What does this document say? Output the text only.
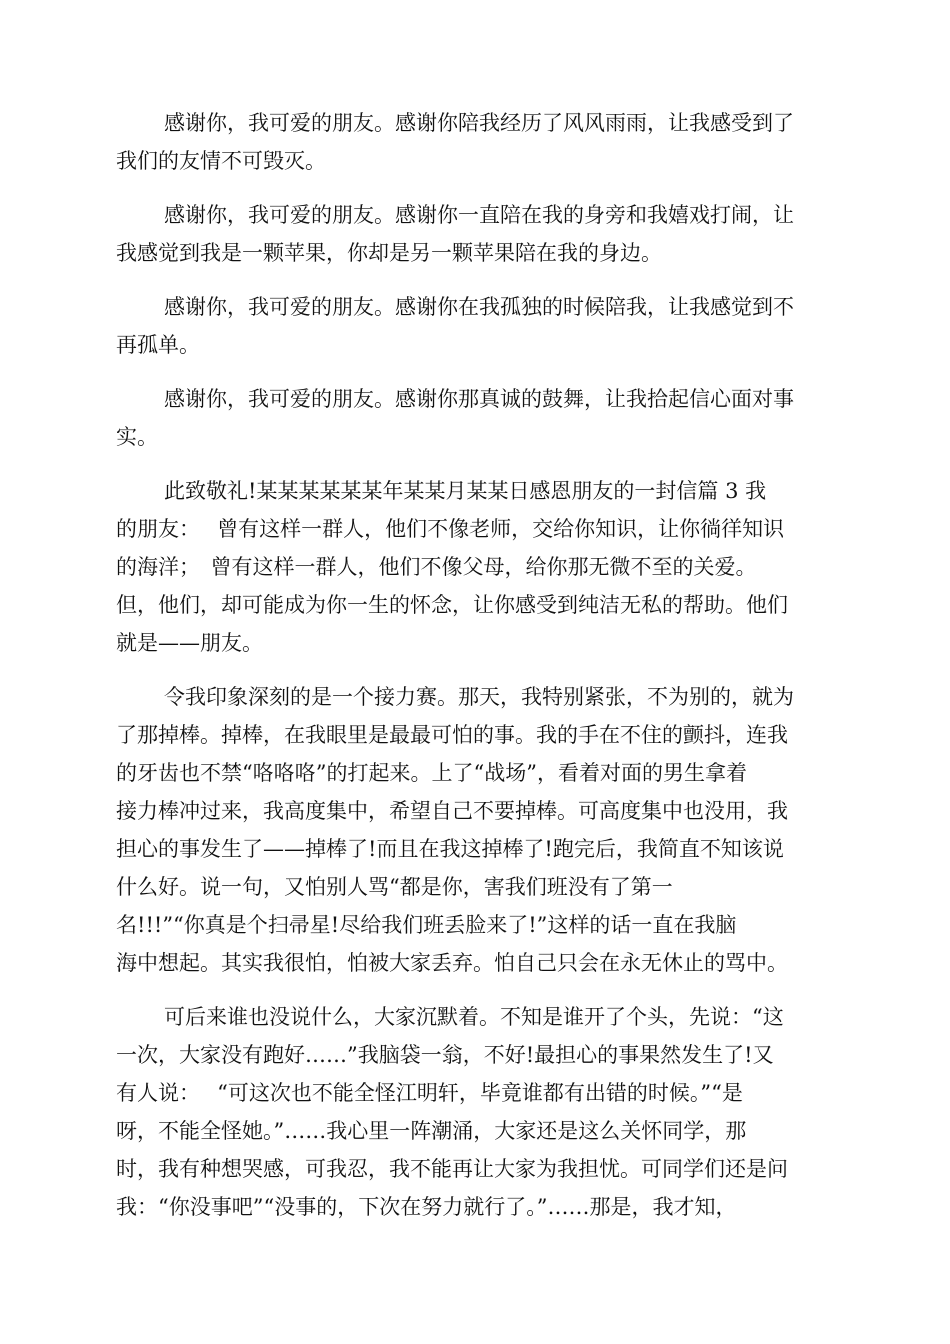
感谢你，我可爱的朋友。感谢你陪我经历了风风雨雨，让我感受到了
我们的友情不可毁灭。
感谢你，我可爱的朋友。感谢你一直陪在我的身旁和我嬉戏打闹，让
我感觉到我是一颗苹果，你却是另一颗苹果陪在我的身边。
感谢你，我可爱的朋友。感谢你在我孤独的时候陪我，让我感觉到不
再孤单。
感谢你，我可爱的朋友。感谢你那真诚的鼓舞，让我拾起信心面对事
实。
此致敬礼!某某某某某某年某某月某某日感恩朋友的一封信篇 3 我
的朋友：　 曾有这样一群人，他们不像老师，交给你知识，让你徜徉知识
的海洋；　曾有这样一群人，他们不像父母，给你那无微不至的关爱。
但，他们，却可能成为你一生的怀念，让你感受到纯洁无私的帮助。他们
就是——朋友。
令我印象深刻的是一个接力赛。那天，我特别紧张，不为别的，就为
了那掉棒。掉棒，在我眼里是最最可怕的事。我的手在不住的颤抖，连我
的牙齿也不禁“咯咯咯”的打起来。上了“战场”，看着对面的男生拿着
接力棒冲过来，我高度集中，希望自己不要掉棒。可高度集中也没用，我
担心的事发生了——掉棒了!而且在我这掉棒了!跑完后，我简直不知该说
什么好。说一句，又怕别人骂“都是你，害我们班没有了第一
名!!!”“你真是个扫帚星!尽给我们班丢脸来了!”这样的话一直在我脑
海中想起。其实我很怕，怕被大家丢弃。怕自己只会在永无休止的骂中。
可后来谁也没说什么，大家沉默着。不知是谁开了个头，先说：“这
一次，大家没有跑好……”我脑袋一翁，不好!最担心的事果然发生了!又
有人说：　 “可这次也不能全怪江明轩，毕竟谁都有出错的时候。”“是
呀，不能全怪她。”……我心里一阵潮涌，大家还是这么关怀同学，那
时，我有种想哭感，可我忍，我不能再让大家为我担忧。可同学们还是问
我：“你没事吧”“没事的，下次在努力就行了。”……那是，我才知，
